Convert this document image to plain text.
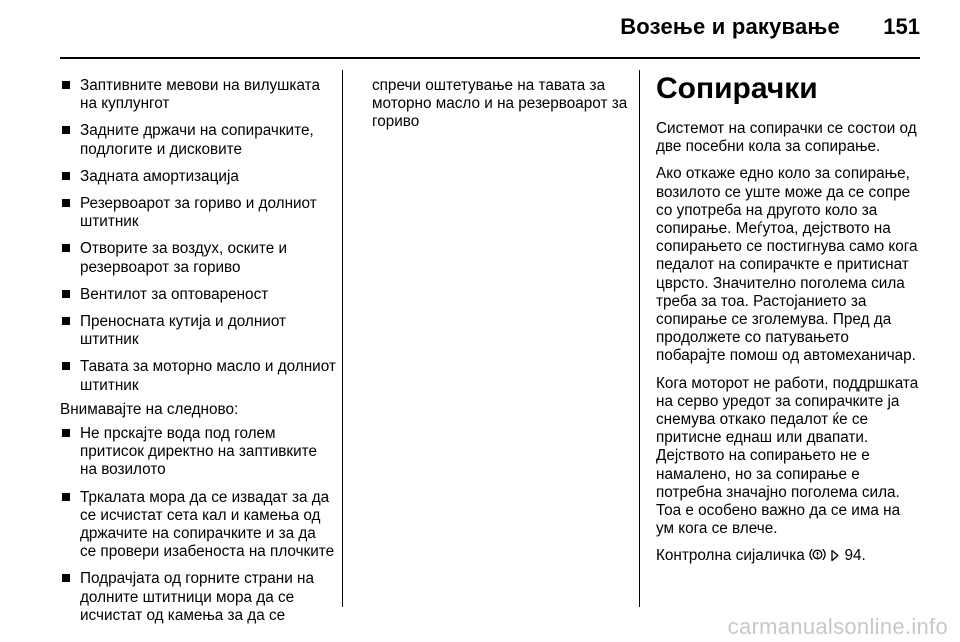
Возење и ракување 151
Заптивните мевови на вилушката на куплунгот
Задните држачи на сопирачките, подлогите и дисковите
Задната амортизација
Резервоарот за гориво и долниот штитник
Отворите за воздух, оските и резервоарот за гориво
Вентилот за оптовареност
Преносната кутија и долниот штитник
Тавата за моторно масло и долниот штитник

Внимавајте на следново:

Не прскајте вода под голем притисок директно на заптивките на возилото
Тркалата мора да се извадат за да се исчистат сета кал и камења од држачите на сопирачките и за да се провери изабеноста на плочките
Подрачјата од горните страни на долните штитници мора да се исчистат од камења за да се

спречи оштетување на тавата за моторно масло и на резервоарот за гориво

Сопирачки

Системот на сопирачки се состои од две посебни кола за сопирање.

Ако откаже едно коло за сопирање, возилото се уште може да се сопре со употреба на другото коло за сопирање. Меѓутоа, дејството на сопирањето се постигнува само кога педалот на сопирачкте е притиснат цврсто. Значително поголема сила треба за тоа. Растојанието за сопирање се зголемува. Пред да продолжете со патувањето побарајте помош од автомеханичар.

Кога моторот не работи, поддршката на серво уредот за сопирачките ја снемува откако педалот ќе се притисне еднаш или двапати. Дејството на сопирањето не е намалено, но за сопирање е потребна значајно поголема сила. Тоа е особено важно да се има на ум кога се влече.

Контролна сијаличка	94.

carmanualsonline.info
